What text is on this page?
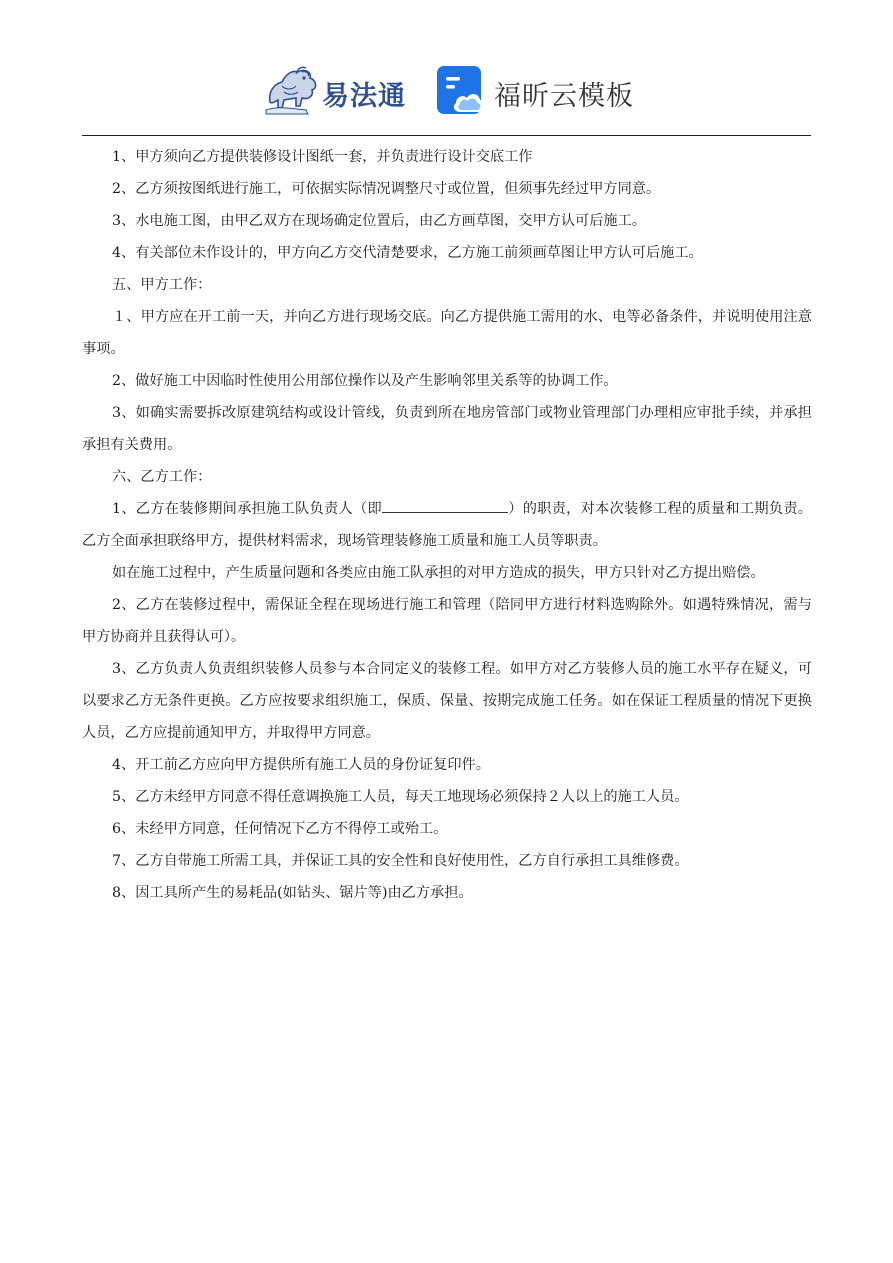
易法通	福昕云模板

1、甲方须向乙方提供装修设计图纸一套，并负责进行设计交底工作

2、乙方须按图纸进行施工，可依据实际情况调整尺寸或位置，但须事先经过甲方同意。

3、水电施工图，由甲乙双方在现场确定位置后，由乙方画草图，交甲方认可后施工。

4、有关部位未作设计的，甲方向乙方交代清楚要求，乙方施工前须画草图让甲方认可后施工。

五、甲方工作：

１、甲方应在开工前一天，并向乙方进行现场交底。向乙方提供施工需用的水、电等必备条件，并说明使用注意事项。

2、做好施工中因临时性使用公用部位操作以及产生影响邻里关系等的协调工作。

3、如确实需要拆改原建筑结构或设计管线，负责到所在地房管部门或物业管理部门办理相应审批手续，并承担承担有关费用。

六、乙方工作：

1、乙方在装修期间承担施工队负责人（即	）的职责，对本次装修工程的质量和工期负责。乙方全面承担联络甲方，提供材料需求，现场管理装修施工质量和施工人员等职责。

如在施工过程中，产生质量问题和各类应由施工队承担的对甲方造成的损失，甲方只针对乙方提出赔偿。

2、乙方在装修过程中，需保证全程在现场进行施工和管理（陪同甲方进行材料选购除外。如遇特殊情况，需与甲方协商并且获得认可）。

3、乙方负责人负责组织装修人员参与本合同定义的装修工程。如甲方对乙方装修人员的施工水平存在疑义，可以要求乙方无条件更换。乙方应按要求组织施工，保质、保量、按期完成施工任务。如在保证工程质量的情况下更换人员，乙方应提前通知甲方，并取得甲方同意。

4、开工前乙方应向甲方提供所有施工人员的身份证复印件。

5、乙方未经甲方同意不得任意调换施工人员，每天工地现场必须保持２人以上的施工人员。

6、未经甲方同意，任何情况下乙方不得停工或殆工。

7、乙方自带施工所需工具，并保证工具的安全性和良好使用性，乙方自行承担工具维修费。

8、因工具所产生的易耗品(如钻头、锯片等)由乙方承担。
